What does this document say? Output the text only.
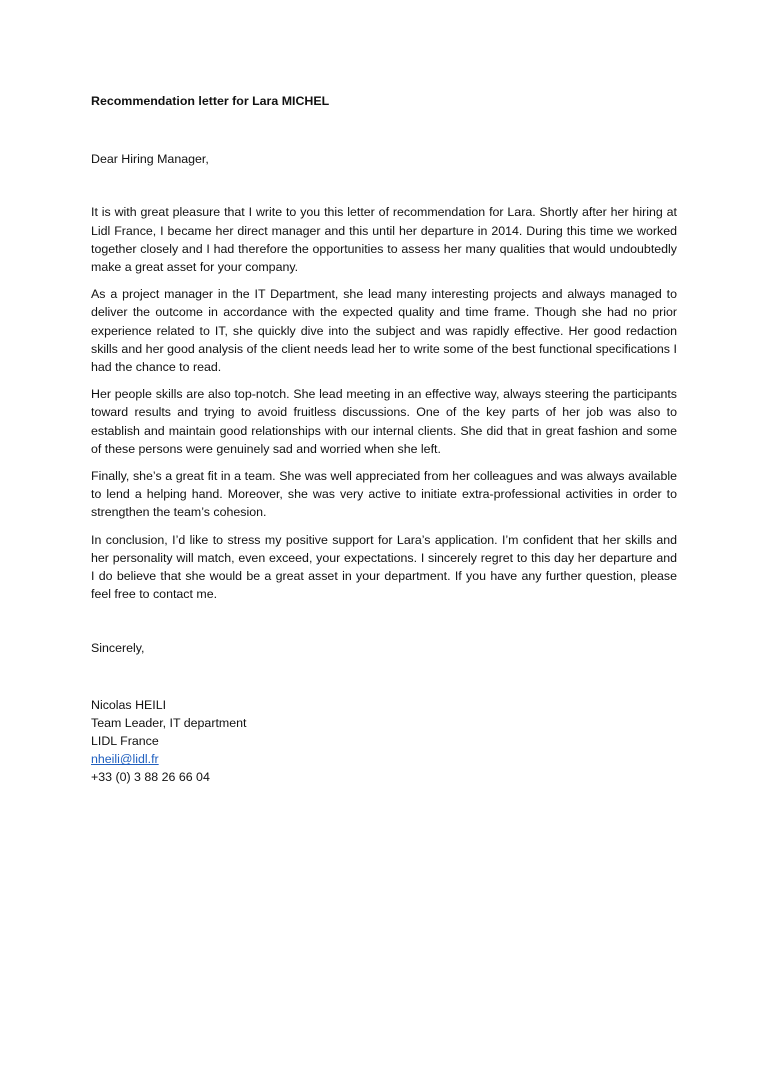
Recommendation letter for Lara MICHEL

Dear Hiring Manager,

It is with great pleasure that I write to you this letter of recommendation for Lara. Shortly after her hiring at Lidl France, I became her direct manager and this until her departure in 2014. During this time we worked together closely and I had therefore the opportunities to assess her many qualities that would undoubtedly make a great asset for your company.

As a project manager in the IT Department, she lead many interesting projects and always managed to deliver the outcome in accordance with the expected quality and time frame. Though she had no prior experience related to IT, she quickly dive into the subject and was rapidly effective. Her good redaction skills and her good analysis of the client needs lead her to write some of the best functional specifications I had the chance to read.

Her people skills are also top-notch. She lead meeting in an effective way, always steering the participants toward results and trying to avoid fruitless discussions. One of the key parts of her job was also to establish and maintain good relationships with our internal clients. She did that in great fashion and some of these persons were genuinely sad and worried when she left.

Finally, she’s a great fit in a team. She was well appreciated from her colleagues and was always available to lend a helping hand. Moreover, she was very active to initiate extra-professional activities in order to strengthen the team’s cohesion.

In conclusion, I’d like to stress my positive support for Lara’s application. I’m confident that her skills and her personality will match, even exceed, your expectations. I sincerely regret to this day her departure and I do believe that she would be a great asset in your department. If you have any further question, please feel free to contact me.

Sincerely,

Nicolas HEILI

Team Leader, IT department

LIDL France

nheili@lidl.fr

+33 (0) 3 88 26 66 04
